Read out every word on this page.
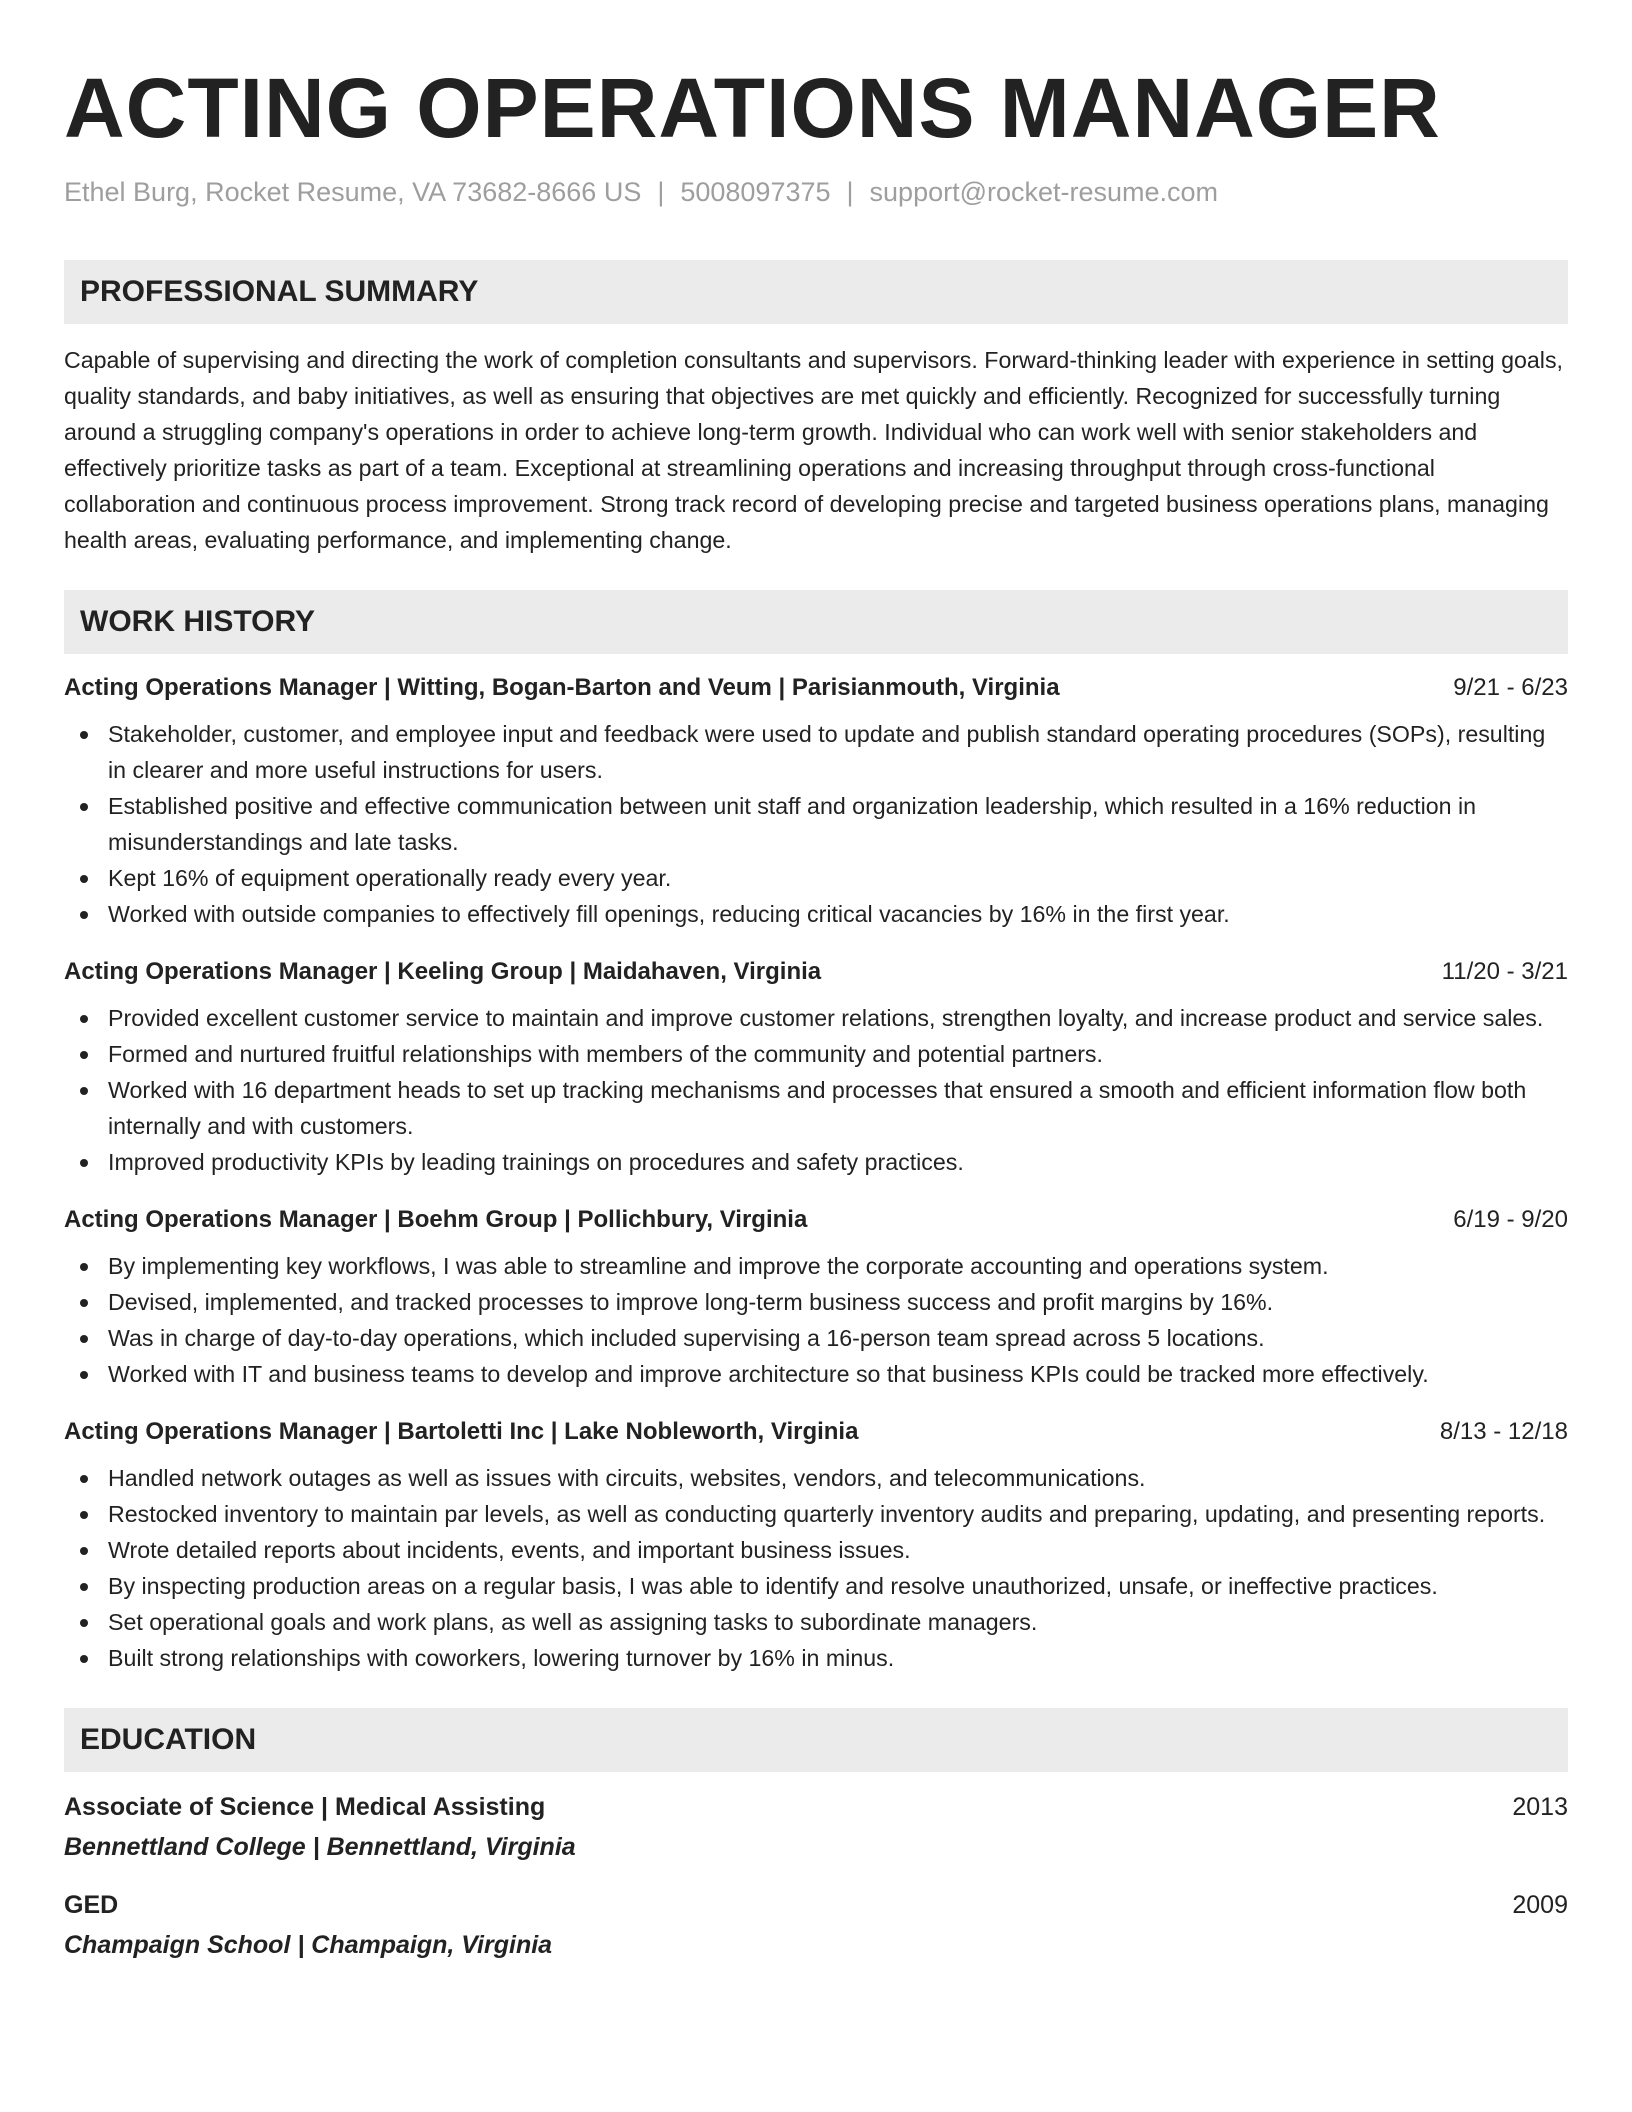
ACTING OPERATIONS MANAGER
Ethel Burg, Rocket Resume, VA 73682-8666 US | 5008097375 | support@rocket-resume.com
PROFESSIONAL SUMMARY
Capable of supervising and directing the work of completion consultants and supervisors. Forward-thinking leader with experience in setting goals, quality standards, and baby initiatives, as well as ensuring that objectives are met quickly and efficiently. Recognized for successfully turning around a struggling company's operations in order to achieve long-term growth. Individual who can work well with senior stakeholders and effectively prioritize tasks as part of a team. Exceptional at streamlining operations and increasing throughput through cross-functional collaboration and continuous process improvement. Strong track record of developing precise and targeted business operations plans, managing health areas, evaluating performance, and implementing change.
WORK HISTORY
Acting Operations Manager | Witting, Bogan-Barton and Veum | Parisianmouth, Virginia	9/21 - 6/23
Stakeholder, customer, and employee input and feedback were used to update and publish standard operating procedures (SOPs), resulting in clearer and more useful instructions for users.
Established positive and effective communication between unit staff and organization leadership, which resulted in a 16% reduction in misunderstandings and late tasks.
Kept 16% of equipment operationally ready every year.
Worked with outside companies to effectively fill openings, reducing critical vacancies by 16% in the first year.
Acting Operations Manager | Keeling Group | Maidahaven, Virginia	11/20 - 3/21
Provided excellent customer service to maintain and improve customer relations, strengthen loyalty, and increase product and service sales.
Formed and nurtured fruitful relationships with members of the community and potential partners.
Worked with 16 department heads to set up tracking mechanisms and processes that ensured a smooth and efficient information flow both internally and with customers.
Improved productivity KPIs by leading trainings on procedures and safety practices.
Acting Operations Manager | Boehm Group | Pollichbury, Virginia	6/19 - 9/20
By implementing key workflows, I was able to streamline and improve the corporate accounting and operations system.
Devised, implemented, and tracked processes to improve long-term business success and profit margins by 16%.
Was in charge of day-to-day operations, which included supervising a 16-person team spread across 5 locations.
Worked with IT and business teams to develop and improve architecture so that business KPIs could be tracked more effectively.
Acting Operations Manager | Bartoletti Inc | Lake Nobleworth, Virginia	8/13 - 12/18
Handled network outages as well as issues with circuits, websites, vendors, and telecommunications.
Restocked inventory to maintain par levels, as well as conducting quarterly inventory audits and preparing, updating, and presenting reports.
Wrote detailed reports about incidents, events, and important business issues.
By inspecting production areas on a regular basis, I was able to identify and resolve unauthorized, unsafe, or ineffective practices.
Set operational goals and work plans, as well as assigning tasks to subordinate managers.
Built strong relationships with coworkers, lowering turnover by 16% in minus.
EDUCATION
Associate of Science | Medical Assisting	2013
Bennettland College | Bennettland, Virginia
GED	2009
Champaign School | Champaign, Virginia
